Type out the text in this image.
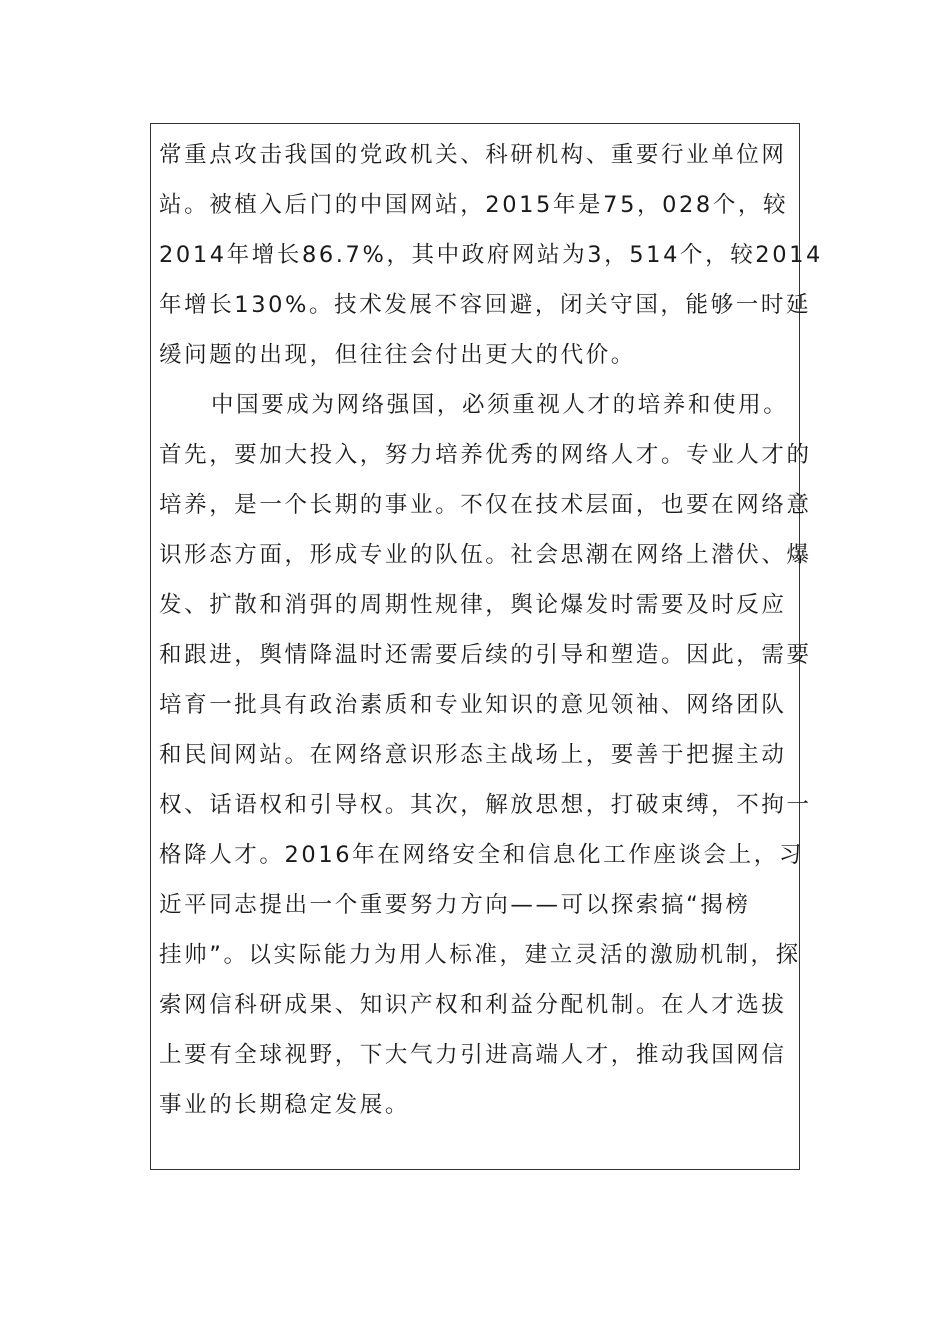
常重点攻击我国的党政机关、科研机构、重要行业单位网
站。被植入后门的中国网站，2015年是75，028个，较
2014年增长86.7%，其中政府网站为3，514个，较2014
年增长130%。技术发展不容回避，闭关守国，能够一时延
缓问题的出现，但往往会付出更大的代价。
中国要成为网络强国，必须重视人才的培养和使用。
首先，要加大投入，努力培养优秀的网络人才。专业人才的
培养，是一个长期的事业。不仅在技术层面，也要在网络意
识形态方面，形成专业的队伍。社会思潮在网络上潜伏、爆
发、扩散和消弭的周期性规律，舆论爆发时需要及时反应
和跟进，舆情降温时还需要后续的引导和塑造。因此，需要
培育一批具有政治素质和专业知识的意见领袖、网络团队
和民间网站。在网络意识形态主战场上，要善于把握主动
权、话语权和引导权。其次，解放思想，打破束缚，不拘一
格降人才。2016年在网络安全和信息化工作座谈会上，习
近平同志提出一个重要努力方向——可以探索搞“揭榜
挂帅”。以实际能力为用人标准，建立灵活的激励机制，探
索网信科研成果、知识产权和利益分配机制。在人才选拔
上要有全球视野，下大气力引进高端人才，推动我国网信
事业的长期稳定发展。
